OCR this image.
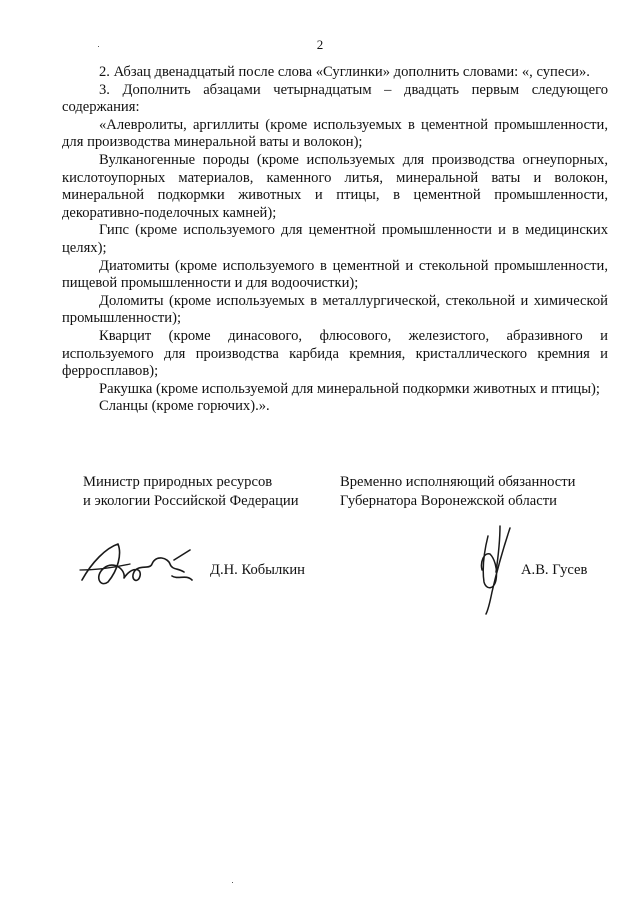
2

2. Абзац двенадцатый после слова «Суглинки» дополнить словами: «, супеси».

3. Дополнить абзацами четырнадцатым – двадцать первым следующего содержания:

«Алевролиты, аргиллиты (кроме используемых в цементной промышленности, для производства минеральной ваты и волокон);

Вулканогенные породы (кроме используемых для производства огнеупорных, кислотоупорных материалов, каменного литья, минеральной ваты и волокон, минеральной подкормки животных и птицы, в цементной промышленности, декоративно-поделочных камней);

Гипс (кроме используемого для цементной промышленности и в медицинских целях);

Диатомиты (кроме используемого в цементной и стекольной промышленности, пищевой промышленности и для водоочистки);

Доломиты (кроме используемых в металлургической, стекольной и химической промышленности);

Кварцит (кроме динасового, флюсового, железистого, абразивного и используемого для производства карбида кремния, кристаллического кремния и ферросплавов);

Ракушка (кроме используемой для минеральной подкормки животных и птицы);

Сланцы (кроме горючих).».

Министр природных ресурсов
и экологии Российской Федерации
Временно исполняющий обязанности
Губернатора Воронежской области
Д.Н. Кобылкин	А.В. Гусев
